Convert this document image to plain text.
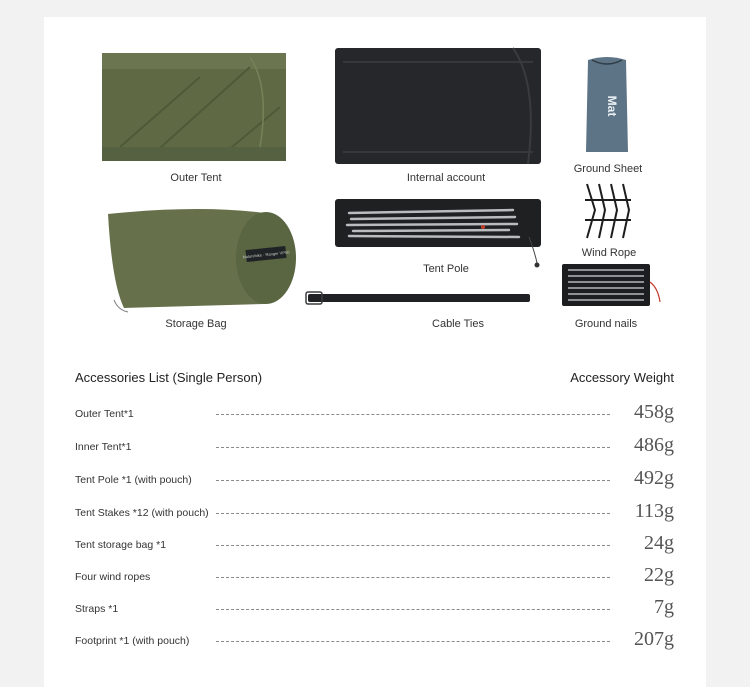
Outer Tent	Internal account
Mat
Ground Sheet
Naturehike · Ranger VP50
Storage Bag
Tent Pole
Wind Rope
Cable Ties	Ground nails
Accessories List (Single Person)	Accessory Weight
Outer Tent*1	458g
Inner Tent*1	486g
Tent Pole *1 (with pouch)	492g
Tent Stakes *12 (with pouch)	113g
Tent storage bag *1	24g
Four wind ropes	22g
Straps *1	7g
Footprint *1 (with pouch)	207g
